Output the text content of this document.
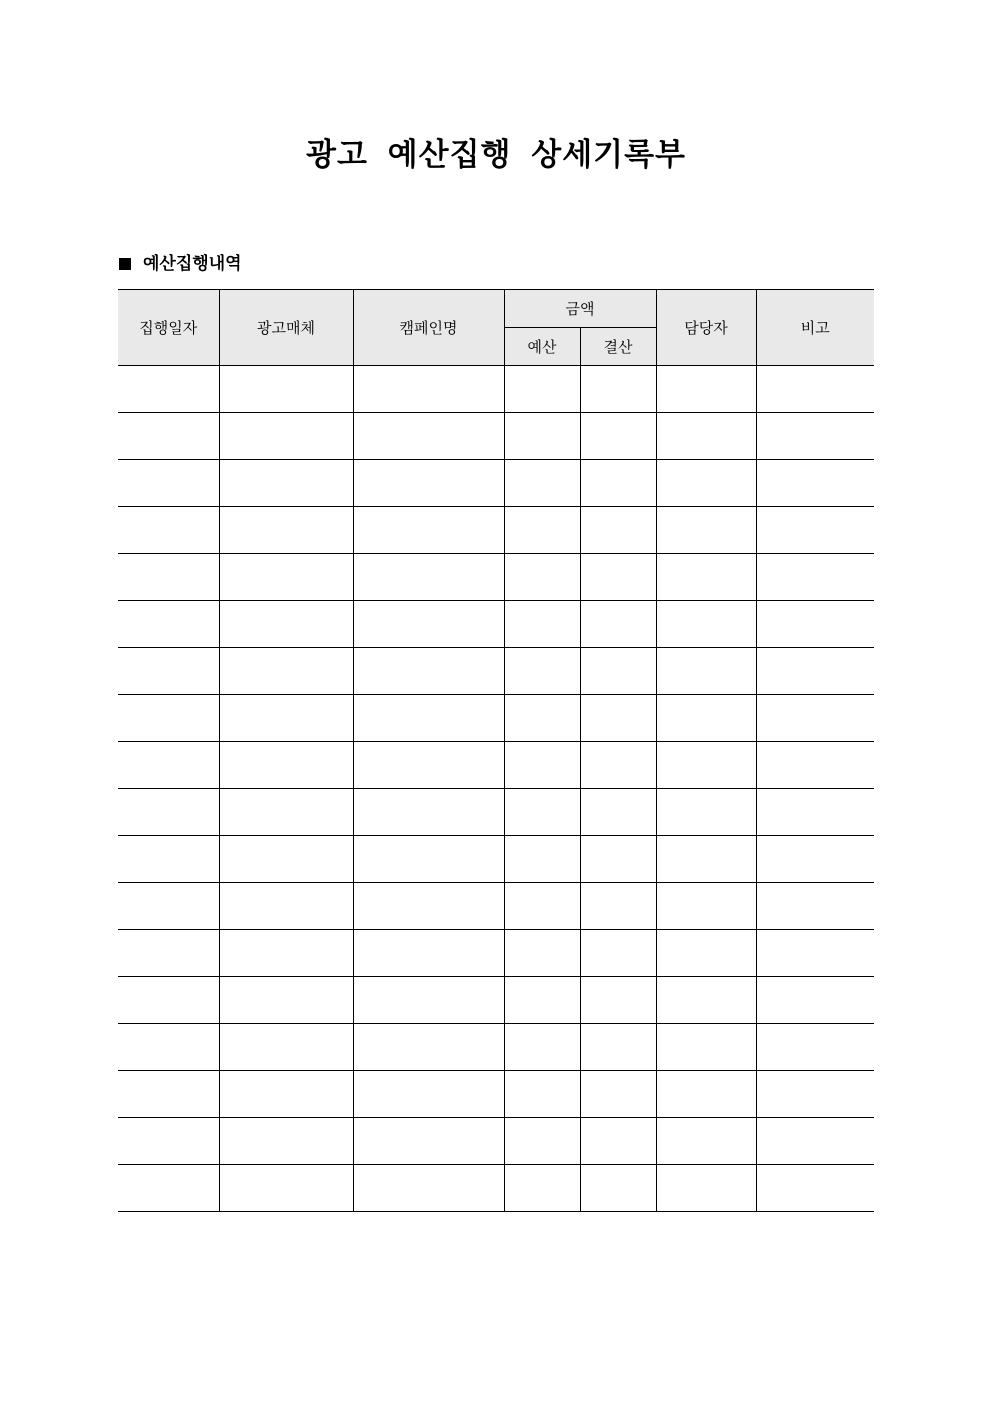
광고 예산집행 상세기록부
예산집행내역
집행일자	광고매체	캠페인명	금액		담당자	비고
			예산	결산		
